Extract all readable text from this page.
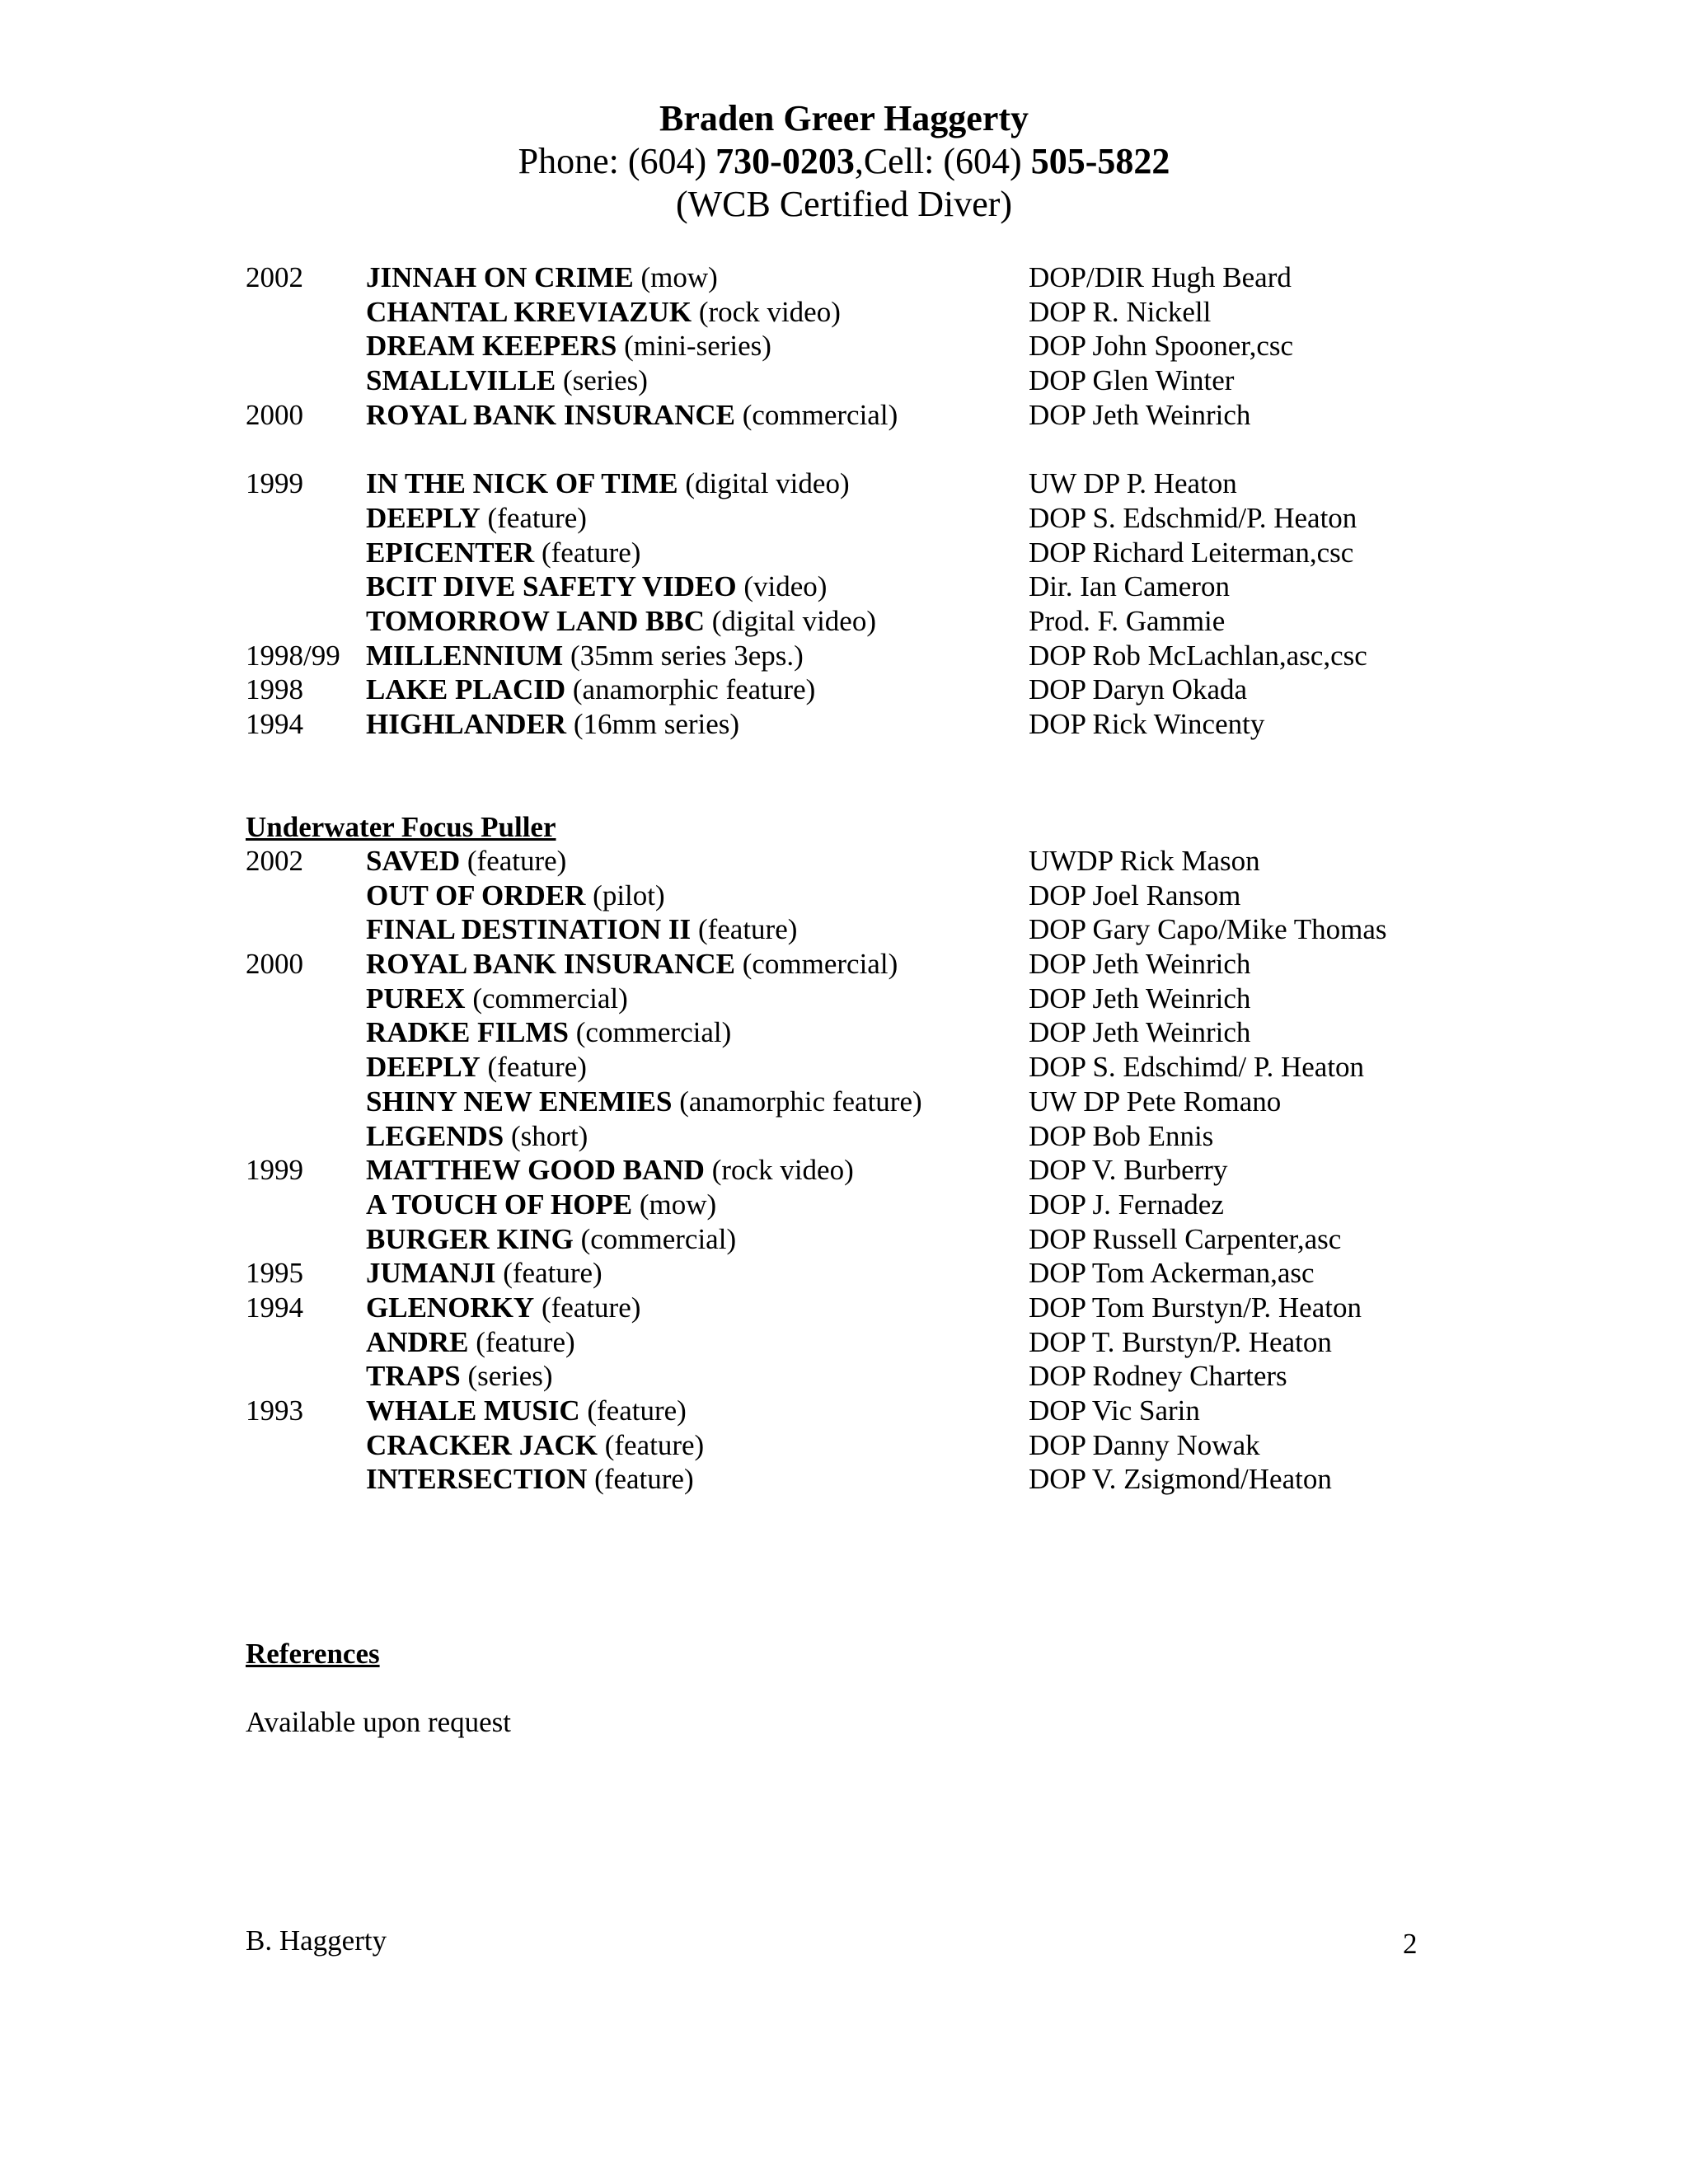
Braden Greer Haggerty
Phone: (604) 730-0203,Cell: (604) 505-5822
(WCB Certified Diver)
2002 JINNAH ON CRIME (mow)	DOP/DIR Hugh Beard
CHANTAL KREVIAZUK (rock video)	DOP R. Nickell
DREAM KEEPERS (mini-series)	DOP John Spooner,csc
SMALLVILLE (series)	DOP Glen Winter
2000 ROYAL BANK INSURANCE (commercial)	DOP Jeth Weinrich
1999 IN THE NICK OF TIME (digital video)	UW DP P. Heaton
DEEPLY (feature)	DOP S. Edschmid/P. Heaton
EPICENTER (feature)	DOP Richard Leiterman,csc
BCIT DIVE SAFETY VIDEO (video)	Dir. Ian Cameron
TOMORROW LAND BBC (digital video)	Prod. F. Gammie
1998/99 MILLENNIUM (35mm series 3eps.)	DOP Rob McLachlan,asc,csc
1998 LAKE PLACID (anamorphic feature)	DOP Daryn Okada
1994 HIGHLANDER (16mm series)	DOP Rick Wincenty
Underwater Focus Puller
2002 SAVED (feature)	UWDP Rick Mason
OUT OF ORDER (pilot)	DOP Joel Ransom
FINAL DESTINATION II (feature)	DOP Gary Capo/Mike Thomas
2000 ROYAL BANK INSURANCE (commercial)	DOP Jeth Weinrich
PUREX (commercial)	DOP Jeth Weinrich
RADKE FILMS (commercial)	DOP Jeth Weinrich
DEEPLY (feature)	DOP S. Edschimd/ P. Heaton
SHINY NEW ENEMIES (anamorphic feature)	UW DP Pete Romano
LEGENDS (short)	DOP Bob Ennis
1999 MATTHEW GOOD BAND (rock video)	DOP V. Burberry
A TOUCH OF HOPE (mow)	DOP J. Fernadez
BURGER KING (commercial)	DOP Russell Carpenter,asc
1995 JUMANJI (feature)	DOP Tom Ackerman,asc
1994 GLENORKY (feature)	DOP Tom Burstyn/P. Heaton
ANDRE (feature)	DOP T. Burstyn/P. Heaton
TRAPS (series)	DOP Rodney Charters
1993 WHALE MUSIC (feature)	DOP Vic Sarin
CRACKER JACK (feature)	DOP Danny Nowak
INTERSECTION (feature)	DOP V. Zsigmond/Heaton
References
Available upon request
B. Haggerty	2
